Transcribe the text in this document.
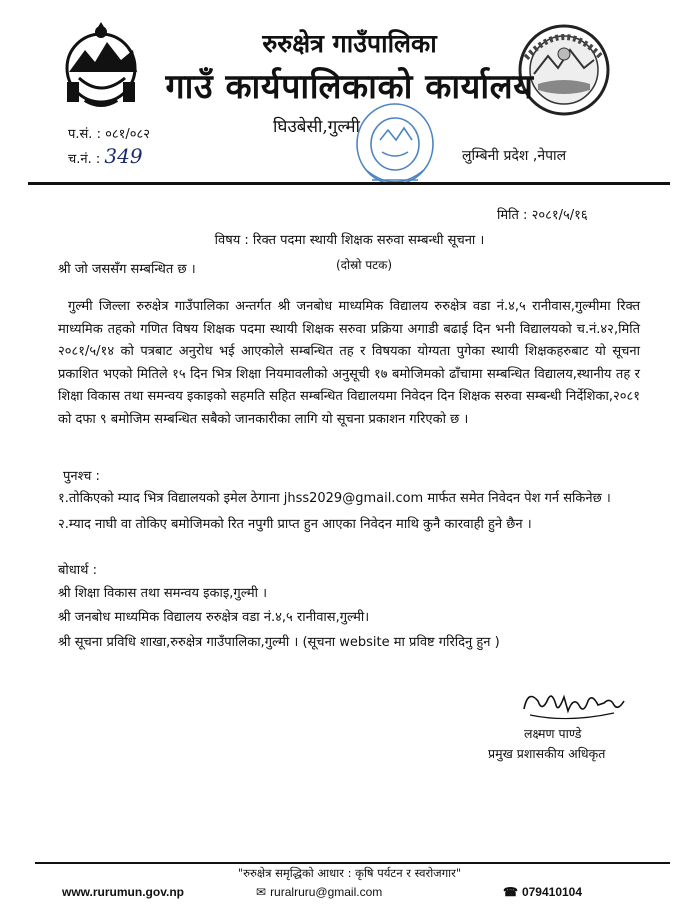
रुरुक्षेत्र गाउँपालिका
गाउँ कार्यपालिकाको कार्यालय
प.सं. : ०८१/०८२
च.नं. : 349
घिउबेसी,गुल्मी
लुम्बिनी प्रदेश ,नेपाल
मिति : २०८१/५/१६
विषय : रिक्त पदमा स्थायी शिक्षक सरुवा सम्बन्धी सूचना ।
श्री जो जससँग सम्बन्धित छ ।	(दोस्रो पटक)
गुल्मी जिल्ला रुरुक्षेत्र गाउँपालिका अन्तर्गत श्री जनबोध माध्यमिक विद्यालय रुरुक्षेत्र वडा नं.४,५ रानीवास,गुल्मीमा रिक्त माध्यमिक तहको गणित विषय शिक्षक पदमा स्थायी शिक्षक सरुवा प्रक्रिया अगाडी बढाई दिन भनी विद्यालयको च.नं.४२,मिति २०८१/५/१४ को पत्रबाट अनुरोध भई आएकोले सम्बन्धित तह र विषयका योग्यता पुगेका स्थायी शिक्षकहरुबाट यो सूचना प्रकाशित भएको मितिले १५ दिन भित्र शिक्षा नियमावलीको अनुसूची १७ बमोजिमको ढाँचामा सम्बन्धित विद्यालय,स्थानीय तह र शिक्षा विकास तथा समन्वय इकाइको सहमति सहित सम्बन्धित विद्यालयमा निवेदन दिन शिक्षक सरुवा सम्बन्धी निर्देशिका,२०८१ को दफा ९ बमोजिम सम्बन्धित सबैको जानकारीका लागि यो सूचना प्रकाशन गरिएको छ ।
पुनश्च :
१.तोकिएको म्याद भित्र विद्यालयको इमेल ठेगाना jhss2029@gmail.com मार्फत समेत निवेदन पेश गर्न सकिनेछ ।
२.म्याद नाघी वा तोकिए बमोजिमको रित नपुगी प्राप्त हुन आएका निवेदन माथि कुनै कारवाही हुने छैन ।
बोधार्थ :
श्री शिक्षा विकास तथा समन्वय इकाइ,गुल्मी ।
श्री जनबोध माध्यमिक विद्यालय रुरुक्षेत्र वडा नं.४,५ रानीवास,गुल्मी।
श्री सूचना प्रविधि शाखा,रुरुक्षेत्र गाउँपालिका,गुल्मी । (सूचना website मा प्रविष्ट गरिदिनु हुन )
लक्ष्मण पाण्डे
प्रमुख प्रशासकीय अधिकृत
"रुरुक्षेत्र समृद्धिको आधार : कृषि पर्यटन र स्वरोजगार"
www.rurumun.gov.np	✉ ruralruru@gmail.com	☎ 079410104
